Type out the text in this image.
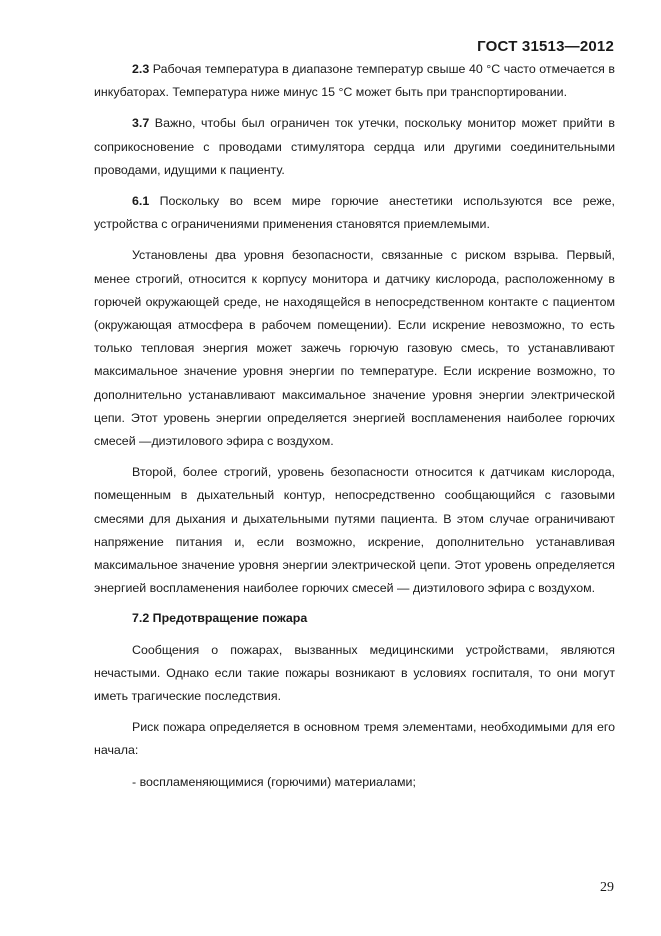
ГОСТ 31513—2012

2.3 Рабочая температура в диапазоне температур свыше 40 °С часто отмечается в инкубаторах. Температура ниже минус 15 °С может быть при транспортировании.

3.7 Важно, чтобы был ограничен ток утечки, поскольку монитор может прийти в соприкосновение с проводами стимулятора сердца или другими соединительными проводами, идущими к пациенту.

6.1 Поскольку во всем мире горючие анестетики используются все реже, устройства с ограничениями применения становятся приемлемыми.

Установлены два уровня безопасности, связанные с риском взрыва. Первый, менее строгий, относится к корпусу монитора и датчику кислорода, расположенному в горючей окружающей среде, не находящейся в непосредственном контакте с пациентом (окружающая атмосфера в рабочем помещении). Если искрение невозможно, то есть только тепловая энергия может зажечь горючую газовую смесь, то устанавливают максимальное значение уровня энергии по температуре. Если искрение возможно, то дополнительно устанавливают максимальное значение уровня энергии электрической цепи. Этот уровень энергии определяется энергией воспламенения наиболее горючих смесей —диэтилового эфира с воздухом.

Второй, более строгий, уровень безопасности относится к датчикам кислорода, помещенным в дыхательный контур, непосредственно сообщающийся с газовыми смесями для дыхания и дыхательными путями пациента. В этом случае ограничивают напряжение питания и, если возможно, искрение, дополнительно устанавливая максимальное значение уровня энергии электрической цепи. Этот уровень определяется энергией воспламенения наиболее горючих смесей — диэтилового эфира с воздухом.

7.2 Предотвращение пожара

Сообщения о пожарах, вызванных медицинскими устройствами, являются нечастыми. Однако если такие пожары возникают в условиях госпиталя, то они могут иметь трагические последствия.

Риск пожара определяется в основном тремя элементами, необходимыми для его начала:

- воспламеняющимися (горючими) материалами;

29
